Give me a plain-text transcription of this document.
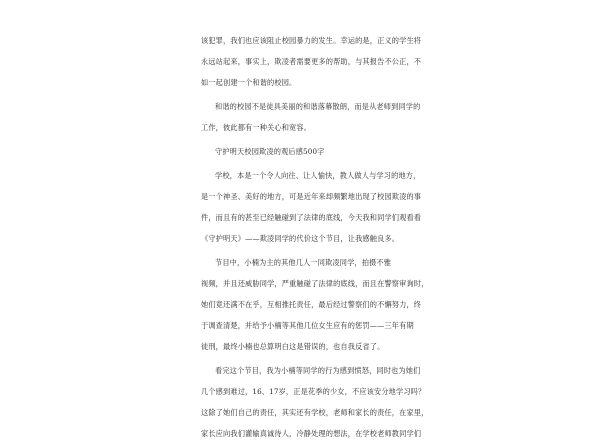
该犯罪，我们也应该阻止校园暴力的发生。幸运的是，正义的学生将
永远站起来，事实上，欺凌者需要更多的帮助，与其报告不公正，不
如一起创建一个和谐的校园。
和谐的校园不是徒具美丽的和谐落幕散朗，而是从老师到同学的
工作，彼此都有一种关心和宽容。
守护明天校园欺凌的观后感500字
学校，本是一个令人向往、让人愉快，教人做人与学习的地方，
是一个神圣、美好的地方，可是近年来却频繁地出现了校园欺凌的事
件，而且有的甚至已经触碰到了法律的底线，今天我和同学们观看看
《守护明天》——欺凌同学的代价这个节目，让我感触良多。
节目中，小楠为主的其他几人一同欺凌同学，拍摄不雅
视频，并且还威胁同学，严重触碰了法律的底线，而且在警察审询时，
她们竟还满不在乎，互相推托责任，最后经过警察们的不懈努力，终
于调查清楚，并给予小楠等其他几位女生应有的惩罚——三年有期
徒刑，最终小楠也总算明白这是错误的，也自我反省了。
看完这个节目，我为小楠等同学的行为感到愤怒，同时也为她们
几个感到难过，16、17岁，正是花季的少女，不应该安分地学习吗？
这除了她们自己的责任，其实还有学校，老师和家长的责任，在家里，
家长应向我们灌输真诚待人，冷静处理的想法，在学校老师教同学们
